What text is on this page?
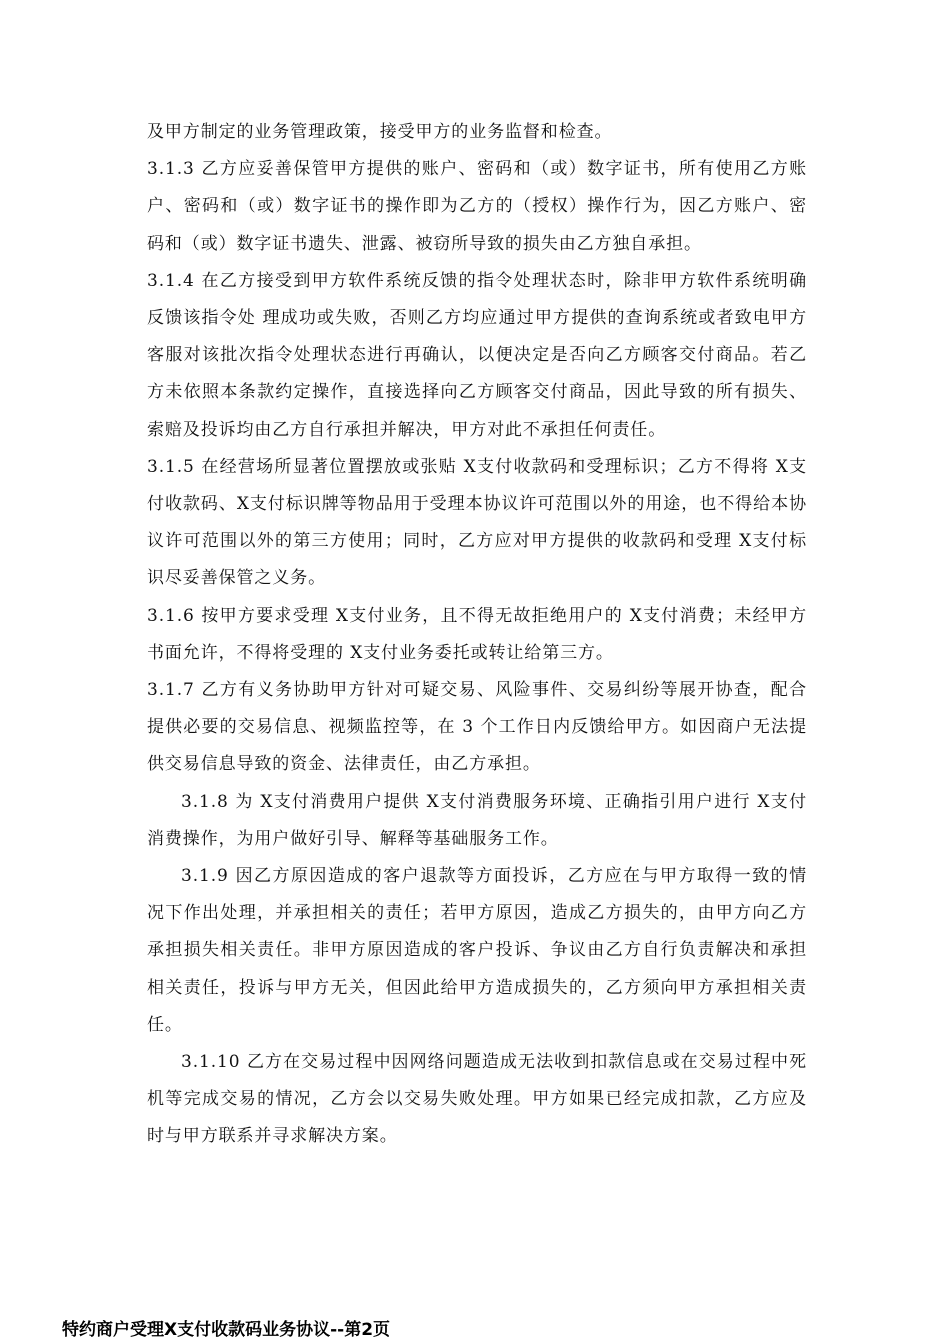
及甲方制定的业务管理政策，接受甲方的业务监督和检查。

3.1.3 乙方应妥善保管甲方提供的账户、密码和（或）数字证书，所有使用乙方账户、密码和（或）数字证书的操作即为乙方的（授权）操作行为，因乙方账户、密码和（或）数字证书遗失、泄露、被窃所导致的损失由乙方独自承担。

3.1.4 在乙方接受到甲方软件系统反馈的指令处理状态时，除非甲方软件系统明确反馈该指令处 理成功或失败，否则乙方均应通过甲方提供的查询系统或者致电甲方客服对该批次指令处理状态进行再确认，以便决定是否向乙方顾客交付商品。若乙方未依照本条款约定操作，直接选择向乙方顾客交付商品，因此导致的所有损失、索赔及投诉均由乙方自行承担并解决，甲方对此不承担任何责任。

3.1.5 在经营场所显著位置摆放或张贴 X支付收款码和受理标识；乙方不得将 X支付收款码、X支付标识牌等物品用于受理本协议许可范围以外的用途，也不得给本协议许可范围以外的第三方使用；同时，乙方应对甲方提供的收款码和受理 X支付标识尽妥善保管之义务。

3.1.6 按甲方要求受理 X支付业务，且不得无故拒绝用户的 X支付消费；未经甲方书面允许，不得将受理的 X支付业务委托或转让给第三方。

3.1.7 乙方有义务协助甲方针对可疑交易、风险事件、交易纠纷等展开协查，配合提供必要的交易信息、视频监控等，在 3 个工作日内反馈给甲方。如因商户无法提供交易信息导致的资金、法律责任，由乙方承担。

3.1.8 为 X支付消费用户提供 X支付消费服务环境、正确指引用户进行 X支付消费操作，为用户做好引导、解释等基础服务工作。

3.1.9 因乙方原因造成的客户退款等方面投诉，乙方应在与甲方取得一致的情况下作出处理，并承担相关的责任；若甲方原因，造成乙方损失的，由甲方向乙方承担损失相关责任。非甲方原因造成的客户投诉、争议由乙方自行负责解决和承担相关责任，投诉与甲方无关，但因此给甲方造成损失的，乙方须向甲方承担相关责任。

3.1.10 乙方在交易过程中因网络问题造成无法收到扣款信息或在交易过程中死机等完成交易的情况，乙方会以交易失败处理。甲方如果已经完成扣款，乙方应及时与甲方联系并寻求解决方案。

特约商户受理X支付收款码业务协议--第2页
